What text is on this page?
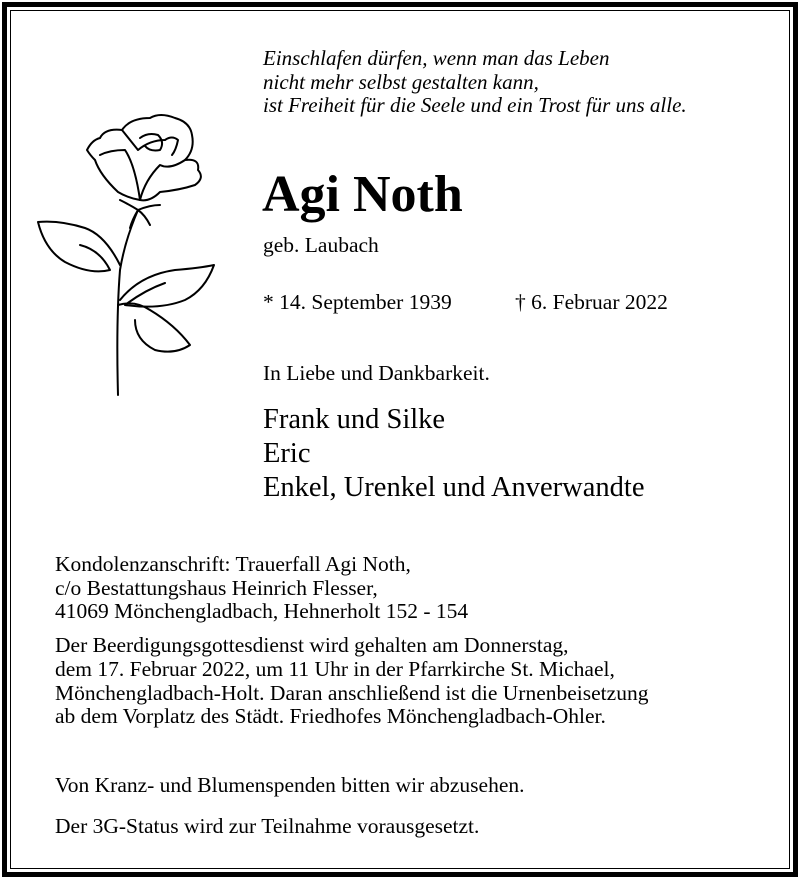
Einschlafen dürfen, wenn man das Leben
nicht mehr selbst gestalten kann,
ist Freiheit für die Seele und ein Trost für uns alle.
Agi Noth
geb. Laubach
* 14. September 1939	† 6. Februar 2022
In Liebe und Dankbarkeit.
Frank und Silke
Eric
Enkel, Urenkel und Anverwandte
Kondolenzanschrift: Trauerfall Agi Noth,
c/o Bestattungshaus Heinrich Flesser,
41069 Mönchengladbach, Hehnerholt 152 - 154
Der Beerdigungsgottesdienst wird gehalten am Donnerstag,
dem 17. Februar 2022, um 11 Uhr in der Pfarrkirche St. Michael,
Mönchengladbach-Holt. Daran anschließend ist die Urnenbeisetzung
ab dem Vorplatz des Städt. Friedhofes Mönchengladbach-Ohler.
Von Kranz- und Blumenspenden bitten wir abzusehen.
Der 3G-Status wird zur Teilnahme vorausgesetzt.
